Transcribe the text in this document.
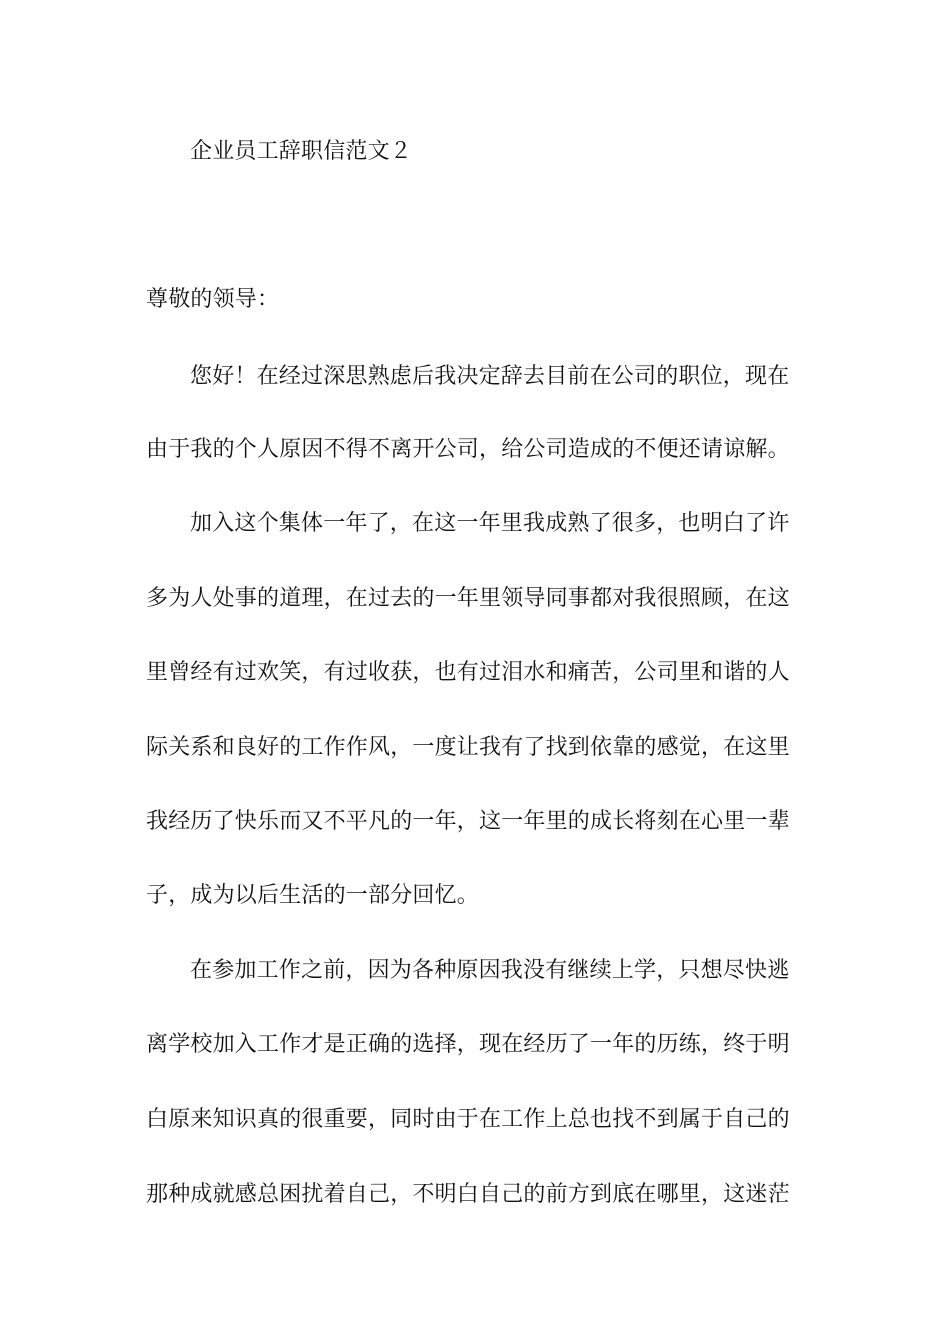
企业员工辞职信范文２
尊敬的领导：
您好！在经过深思熟虑后我决定辞去目前在公司的职位，现在
由于我的个人原因不得不离开公司，给公司造成的不便还请谅解。
加入这个集体一年了，在这一年里我成熟了很多，也明白了许
多为人处事的道理，在过去的一年里领导同事都对我很照顾，在这
里曾经有过欢笑，有过收获，也有过泪水和痛苦，公司里和谐的人
际关系和良好的工作作风，一度让我有了找到依靠的感觉，在这里
我经历了快乐而又不平凡的一年，这一年里的成长将刻在心里一辈
子，成为以后生活的一部分回忆。
在参加工作之前，因为各种原因我没有继续上学，只想尽快逃
离学校加入工作才是正确的选择，现在经历了一年的历练，终于明
白原来知识真的很重要，同时由于在工作上总也找不到属于自己的
那种成就感总困扰着自己，不明白自己的前方到底在哪里，这迷茫
